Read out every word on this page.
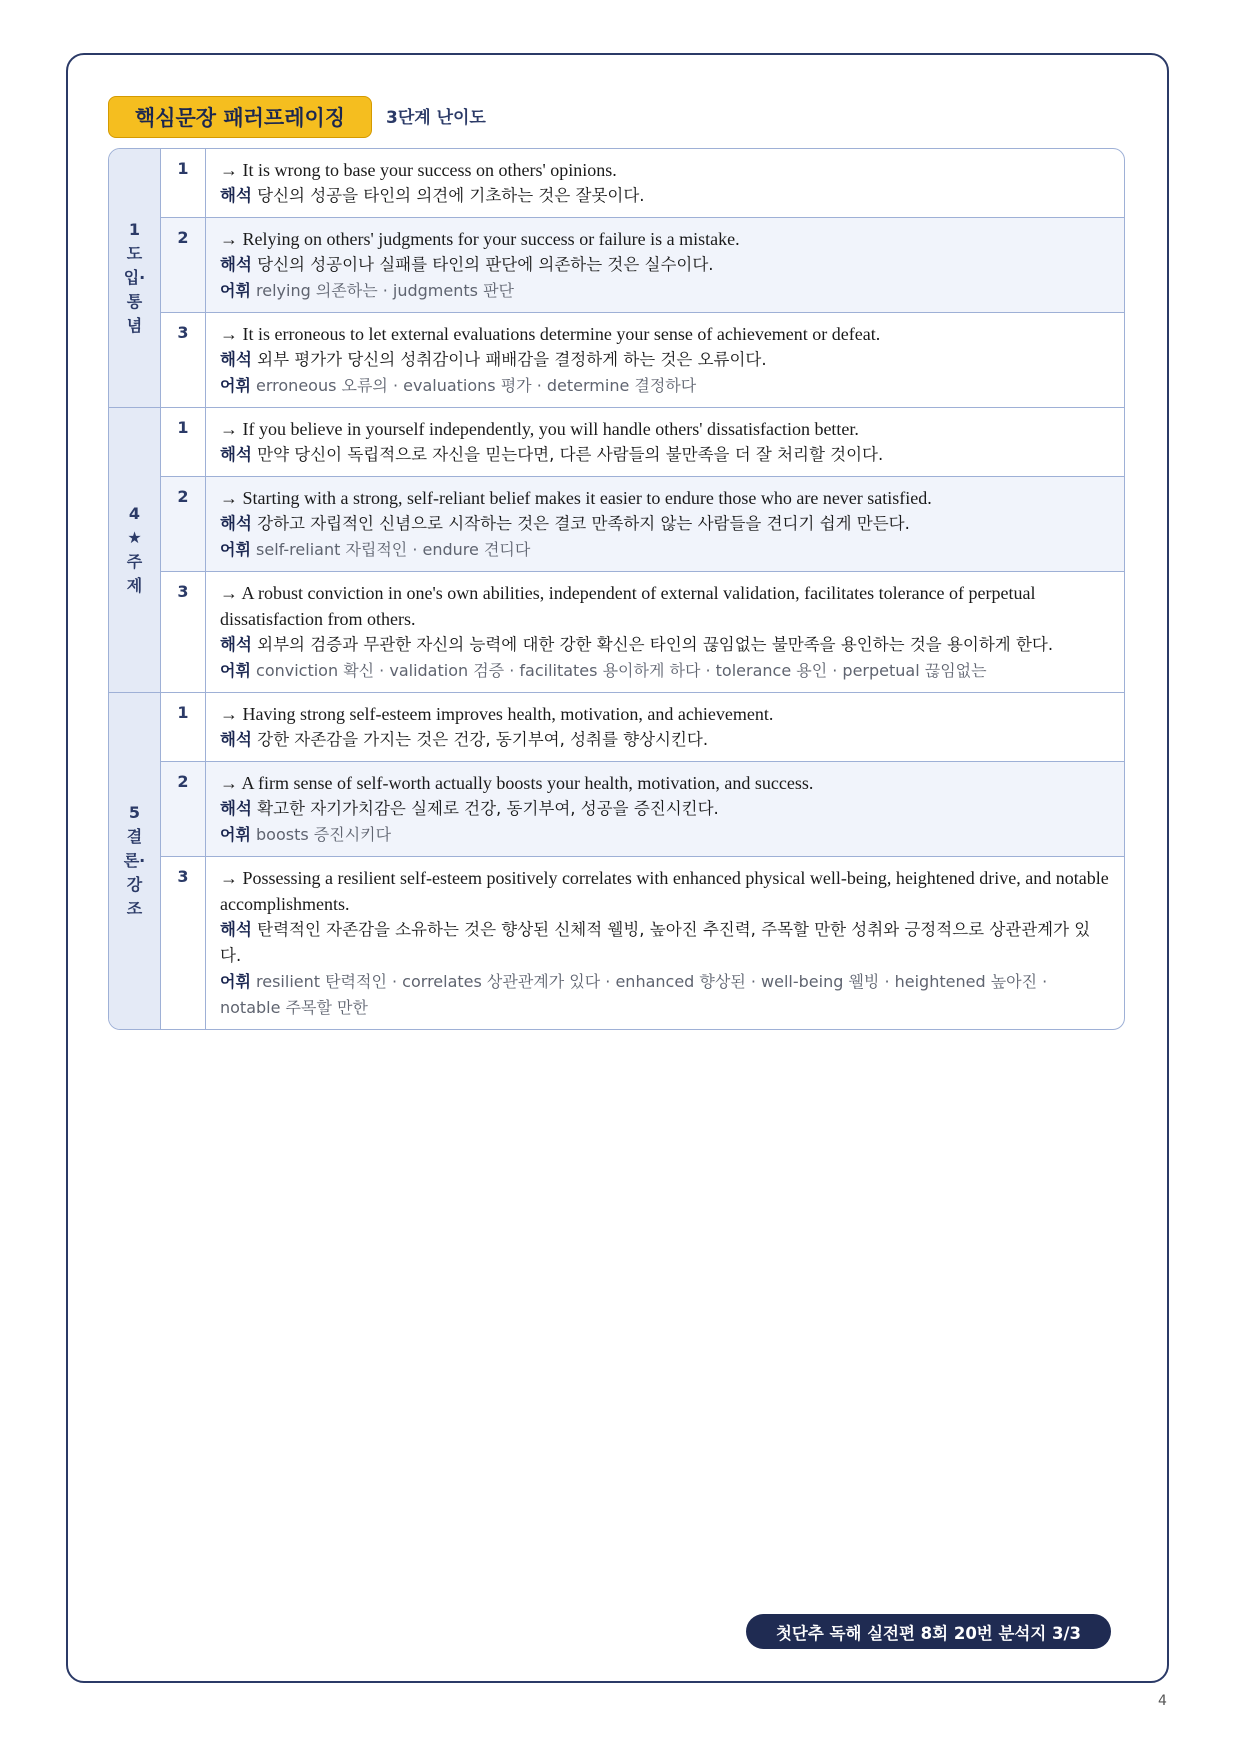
핵심문장 패러프레이징 3단계 난이도
1
도
입·
통
념
1	→ It is wrong to base your success on others' opinions.
해석 당신의 성공을 타인의 의견에 기초하는 것은 잘못이다.
2	→ Relying on others' judgments for your success or failure is a mistake.
해석 당신의 성공이나 실패를 타인의 판단에 의존하는 것은 실수이다.
어휘 relying 의존하는 · judgments 판단
3	→ It is erroneous to let external evaluations determine your sense of achievement or defeat.
해석 외부 평가가 당신의 성취감이나 패배감을 결정하게 하는 것은 오류이다.
어휘 erroneous 오류의 · evaluations 평가 · determine 결정하다
4
★
주
제
1	→ If you believe in yourself independently, you will handle others' dissatisfaction better.
해석 만약 당신이 독립적으로 자신을 믿는다면, 다른 사람들의 불만족을 더 잘 처리할 것이다.
2	→ Starting with a strong, self-reliant belief makes it easier to endure those who are never satisfied.
해석 강하고 자립적인 신념으로 시작하는 것은 결코 만족하지 않는 사람들을 견디기 쉽게 만든다.
어휘 self-reliant 자립적인 · endure 견디다
3	→ A robust conviction in one's own abilities, independent of external validation, facilitates tolerance of perpetual dissatisfaction from others.
해석 외부의 검증과 무관한 자신의 능력에 대한 강한 확신은 타인의 끊임없는 불만족을 용인하는 것을 용이하게 한다.
어휘 conviction 확신 · validation 검증 · facilitates 용이하게 하다 · tolerance 용인 · perpetual 끊임없는
5
결
론·
강
조
1	→ Having strong self-esteem improves health, motivation, and achievement.
해석 강한 자존감을 가지는 것은 건강, 동기부여, 성취를 향상시킨다.
2	→ A firm sense of self-worth actually boosts your health, motivation, and success.
해석 확고한 자기가치감은 실제로 건강, 동기부여, 성공을 증진시킨다.
어휘 boosts 증진시키다
3	→ Possessing a resilient self-esteem positively correlates with enhanced physical well-being, heightened drive, and notable accomplishments.
해석 탄력적인 자존감을 소유하는 것은 향상된 신체적 웰빙, 높아진 추진력, 주목할 만한 성취와 긍정적으로 상관관계가 있다.
어휘 resilient 탄력적인 · correlates 상관관계가 있다 · enhanced 향상된 · well-being 웰빙 · heightened 높아진 · notable 주목할 만한
첫단추 독해 실전편 8회 20번 분석지 3/3
4
